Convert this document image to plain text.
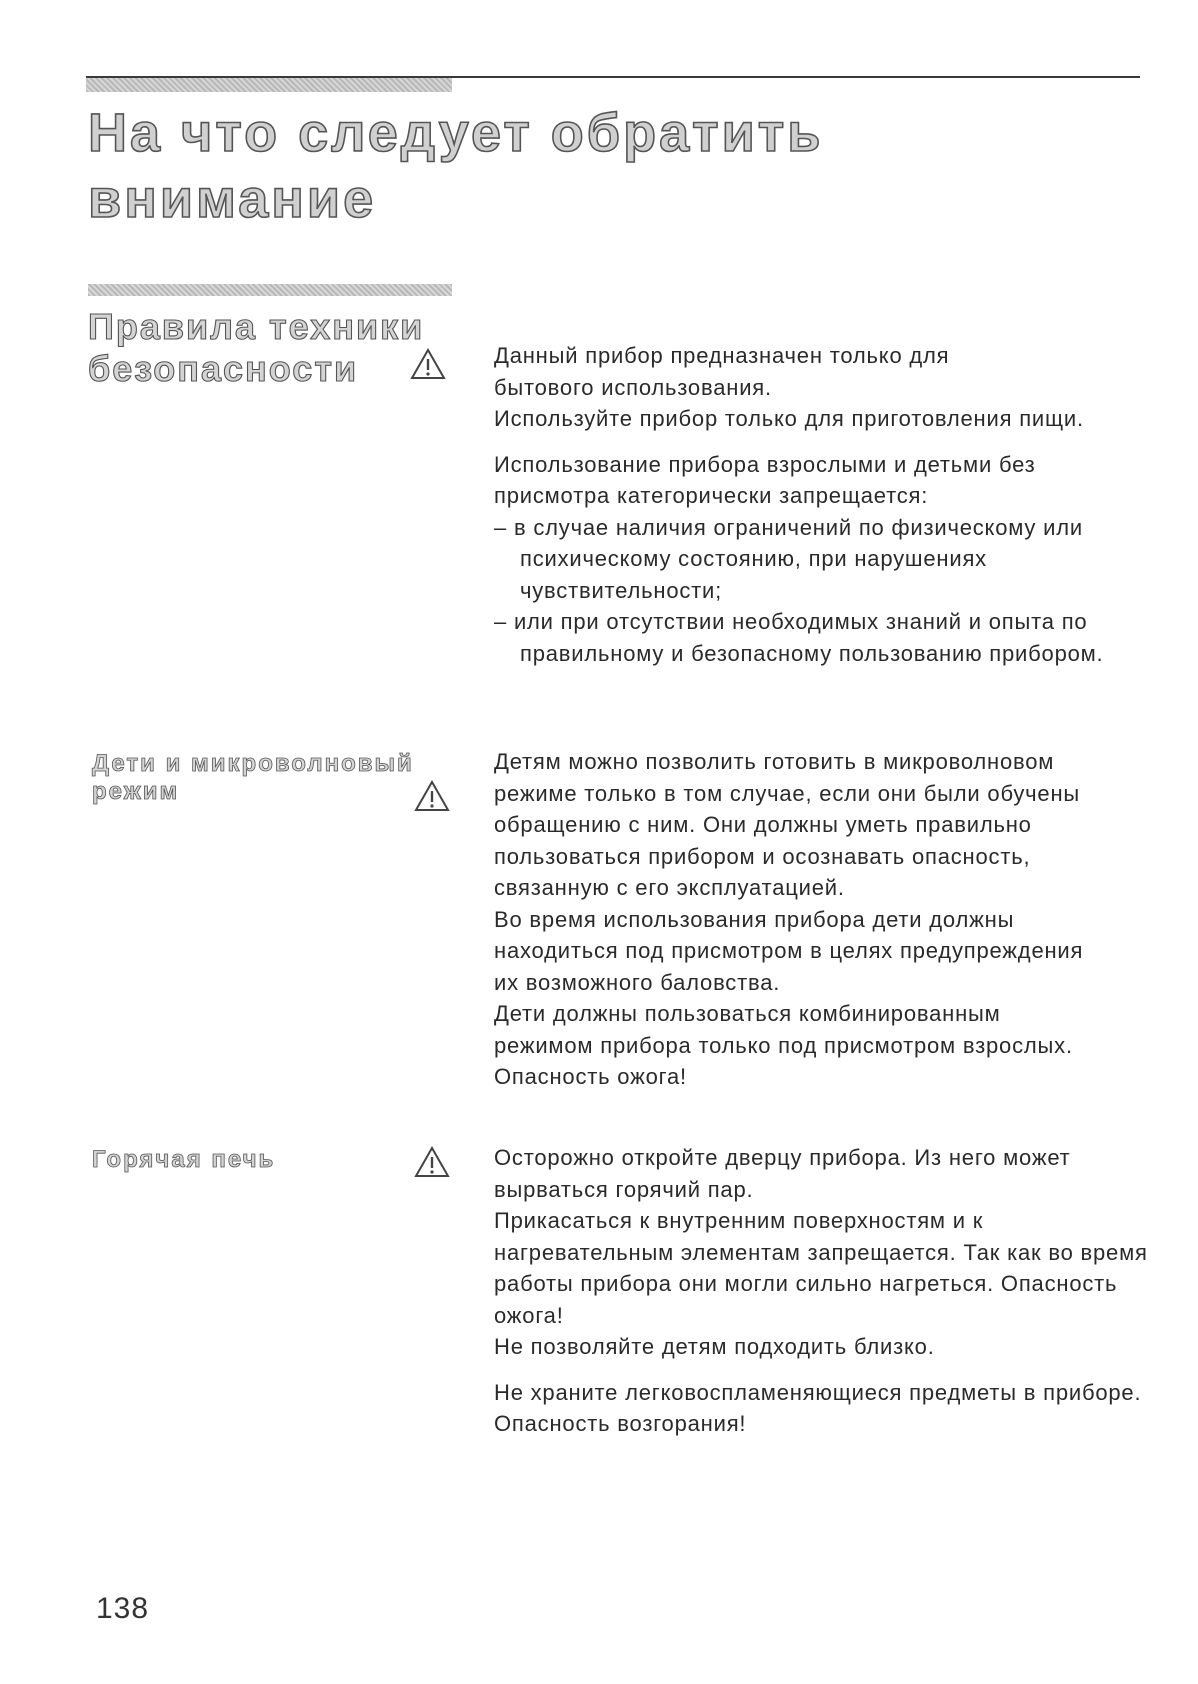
На что следует обратить
внимание
Правила техники
безопасности	Данный прибор предназначен только для бытового использования.

Используйте прибор только для приготовления пищи.

Использование прибора взрослыми и детьми без присмотра категорически запрещается:

– в случае наличия ограничений по физическому или психическому состоянию, при нарушениях чувствительности;

– или при отсутствии необходимых знаний и опыта по правильному и безопасному пользованию прибором.

Дети и микроволновый
режим

Детям можно позволить готовить в микроволновом режиме только в том случае, если они были обучены обращению с ним. Они должны уметь правильно пользоваться прибором и осознавать опасность, связанную с его эксплуатацией.

Во время использования прибора дети должны находиться под присмотром в целях предупреждения их возможного баловства.

Дети должны пользоваться комбинированным режимом прибора только под присмотром взрослых. Опасность ожога!

Горячая печь	Осторожно откройте дверцу прибора. Из него может вырваться горячий пар.

Прикасаться к внутренним поверхностям и к нагревательным элементам запрещается. Так как во время работы прибора они могли сильно нагреться. Опасность ожога!

Не позволяйте детям подходить близко.

Не храните легковоспламеняющиеся предметы в приборе. Опасность возгорания!

138
